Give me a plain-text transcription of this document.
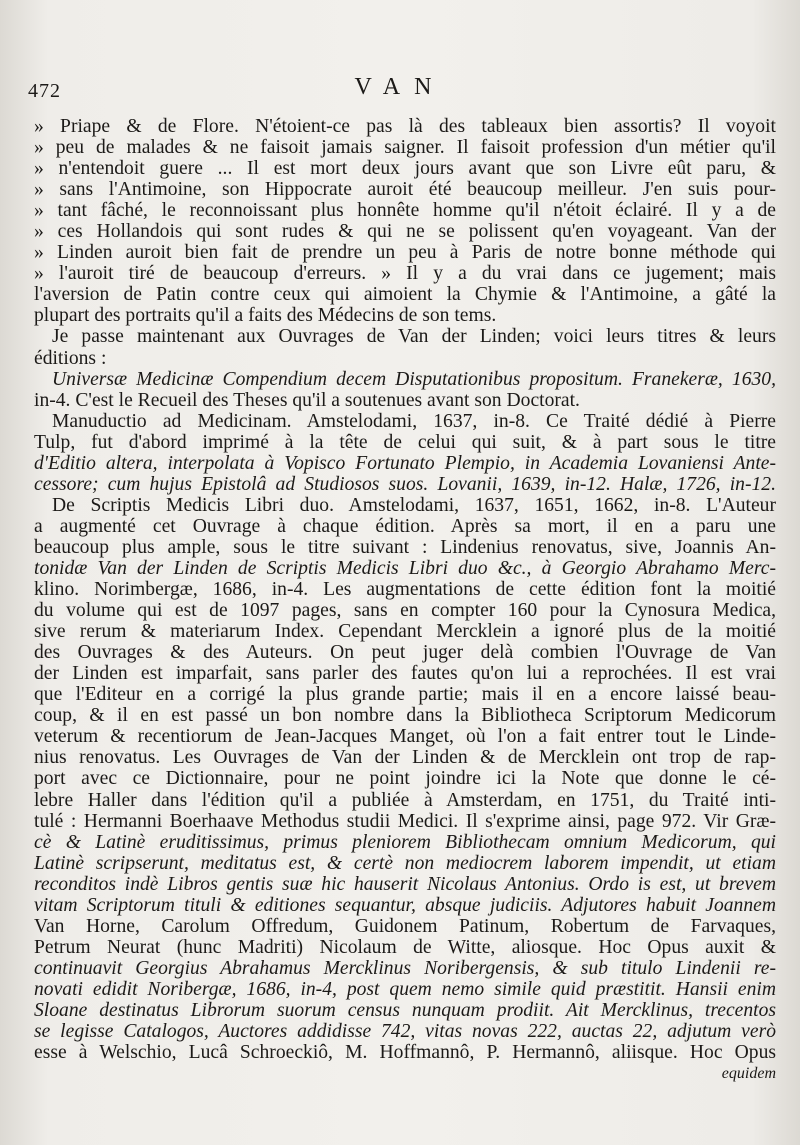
472	VAN
» Priape & de Flore. N'étoient-ce pas là des tableaux bien assortis? Il voyoit
» peu de malades & ne faisoit jamais saigner. Il faisoit profession d'un métier qu'il
» n'entendoit guere ... Il est mort deux jours avant que son Livre eût paru, &
» sans l'Antimoine, son Hippocrate auroit été beaucoup meilleur. J'en suis pour-
» tant fâché, le reconnoissant plus honnête homme qu'il n'étoit éclairé. Il y a de
» ces Hollandois qui sont rudes & qui ne se polissent qu'en voyageant. Van der
» Linden auroit bien fait de prendre un peu à Paris de notre bonne méthode qui
» l'auroit tiré de beaucoup d'erreurs. » Il y a du vrai dans ce jugement; mais
l'aversion de Patin contre ceux qui aimoient la Chymie & l'Antimoine, a gâté la
plupart des portraits qu'il a faits des Médecins de son tems.
Je passe maintenant aux Ouvrages de Van der Linden; voici leurs titres & leurs
éditions :
Universæ Medicinæ Compendium decem Disputationibus propositum. Franekeræ, 1630,
in-4. C'est le Recueil des Theses qu'il a soutenues avant son Doctorat.
Manuductio ad Medicinam. Amstelodami, 1637, in-8. Ce Traité dédié à Pierre
Tulp, fut d'abord imprimé à la tête de celui qui suit, & à part sous le titre
d'Editio altera, interpolata à Vopisco Fortunato Plempio, in Academia Lovaniensi Ante-
cessore; cum hujus Epistolâ ad Studiosos suos. Lovanii, 1639, in-12. Halæ, 1726, in-12.
De Scriptis Medicis Libri duo. Amstelodami, 1637, 1651, 1662, in-8. L'Auteur
a augmenté cet Ouvrage à chaque édition. Après sa mort, il en a paru une
beaucoup plus ample, sous le titre suivant : Lindenius renovatus, sive, Joannis An-
tonidæ Van der Linden de Scriptis Medicis Libri duo &c., à Georgio Abrahamo Merc-
klino. Norimbergæ, 1686, in-4. Les augmentations de cette édition font la moitié
du volume qui est de 1097 pages, sans en compter 160 pour la Cynosura Medica,
sive rerum & materiarum Index. Cependant Mercklein a ignoré plus de la moitié
des Ouvrages & des Auteurs. On peut juger delà combien l'Ouvrage de Van
der Linden est imparfait, sans parler des fautes qu'on lui a reprochées. Il est vrai
que l'Editeur en a corrigé la plus grande partie; mais il en a encore laissé beau-
coup, & il en est passé un bon nombre dans la Bibliotheca Scriptorum Medicorum
veterum & recentiorum de Jean-Jacques Manget, où l'on a fait entrer tout le Linde-
nius renovatus. Les Ouvrages de Van der Linden & de Mercklein ont trop de rap-
port avec ce Dictionnaire, pour ne point joindre ici la Note que donne le cé-
lebre Haller dans l'édition qu'il a publiée à Amsterdam, en 1751, du Traité inti-
tulé : Hermanni Boerhaave Methodus studii Medici. Il s'exprime ainsi, page 972. Vir Græ-
cè & Latinè eruditissimus, primus pleniorem Bibliothecam omnium Medicorum, qui
Latinè scripserunt, meditatus est, & certè non mediocrem laborem impendit, ut etiam
reconditos indè Libros gentis suæ hic hauserit Nicolaus Antonius. Ordo is est, ut brevem
vitam Scriptorum tituli & editiones sequantur, absque judiciis. Adjutores habuit Joannem
Van Horne, Carolum Offredum, Guidonem Patinum, Robertum de Farvaques,
Petrum Neurat (hunc Madriti) Nicolaum de Witte, aliosque. Hoc Opus auxit &
continuavit Georgius Abrahamus Mercklinus Noribergensis, & sub titulo Lindenii re-
novati edidit Noribergæ, 1686, in-4, post quem nemo simile quid præstitit. Hansii enim
Sloane destinatus Librorum suorum census nunquam prodiit. Ait Mercklinus, trecentos
se legisse Catalogos, Auctores addidisse 742, vitas novas 222, auctas 22, adjutum verò
esse à Welschio, Lucâ Schroeckiô, M. Hoffmannô, P. Hermannô, aliisque. Hoc Opus
equidem
